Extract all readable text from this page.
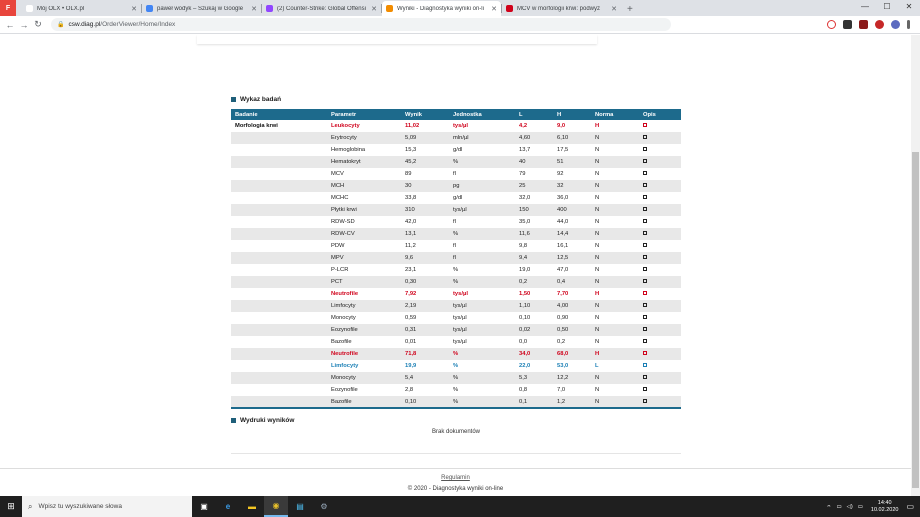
F	Mój OLX • OLX.pl	✕	paweł wodyk – Szukaj w Google	✕	(2) Counter-Strike: Global Offensi ✕	Wyniki - Diagnostyka wyniki on-li	✕	MCV w morfologii krwi: podwyż	✕ +	—	☐	✕
← → ↻	🔒 csw.diag.pl /OrderViewer/Home/Index
Wykaz badań
Badanie	Parametr	Wynik	Jednostka	L	H	Norma	Opis
Morfologia krwi	Leukocyty	11,02	tys/µl	4,2	9,0	H	
	Erytrocyty	5,09	mln/µl	4,60	6,10	N	
	Hemoglobina	15,3	g/dl	13,7	17,5	N	
	Hematokryt	45,2	%	40	51	N	
	MCV	89	fl	79	92	N	
	MCH	30	pg	25	32	N	
	MCHC	33,8	g/dl	32,0	36,0	N	
	Płytki krwi	310	tys/µl	150	400	N	
	RDW-SD	42,0	fl	35,0	44,0	N	
	RDW-CV	13,1	%	11,6	14,4	N	
	PDW	11,2	fl	9,8	16,1	N	
	MPV	9,6	fl	9,4	12,5	N	
	P-LCR	23,1	%	19,0	47,0	N	
	PCT	0,30	%	0,2	0,4	N	
	Neutrofile	7,92	tys/µl	1,50	7,70	H	
	Limfocyty	2,19	tys/µl	1,10	4,00	N	
	Monocyty	0,59	tys/µl	0,10	0,90	N	
	Eozynofile	0,31	tys/µl	0,02	0,50	N	
	Bazofile	0,01	tys/µl	0,0	0,2	N	
	Neutrofile	71,8	%	34,0	68,0	H	
	Limfocyty	19,9	%	22,0	53,0	L	
	Monocyty	5,4	%	5,3	12,2	N	
	Eozynofile	2,8	%	0,8	7,0	N	
	Bazofile	0,10	%	0,1	1,2	N	
Wydruki wyników
Brak dokumentów
Regulamin
© 2020 - Diagnostyka wyniki on-line
⊞	⌕ Wpisz tu wyszukiwane słowa	▣	e	▬	◉	▤	⚙	ᴖ ▭ ◁) ▭
14:40
10.02.2020 ▭
